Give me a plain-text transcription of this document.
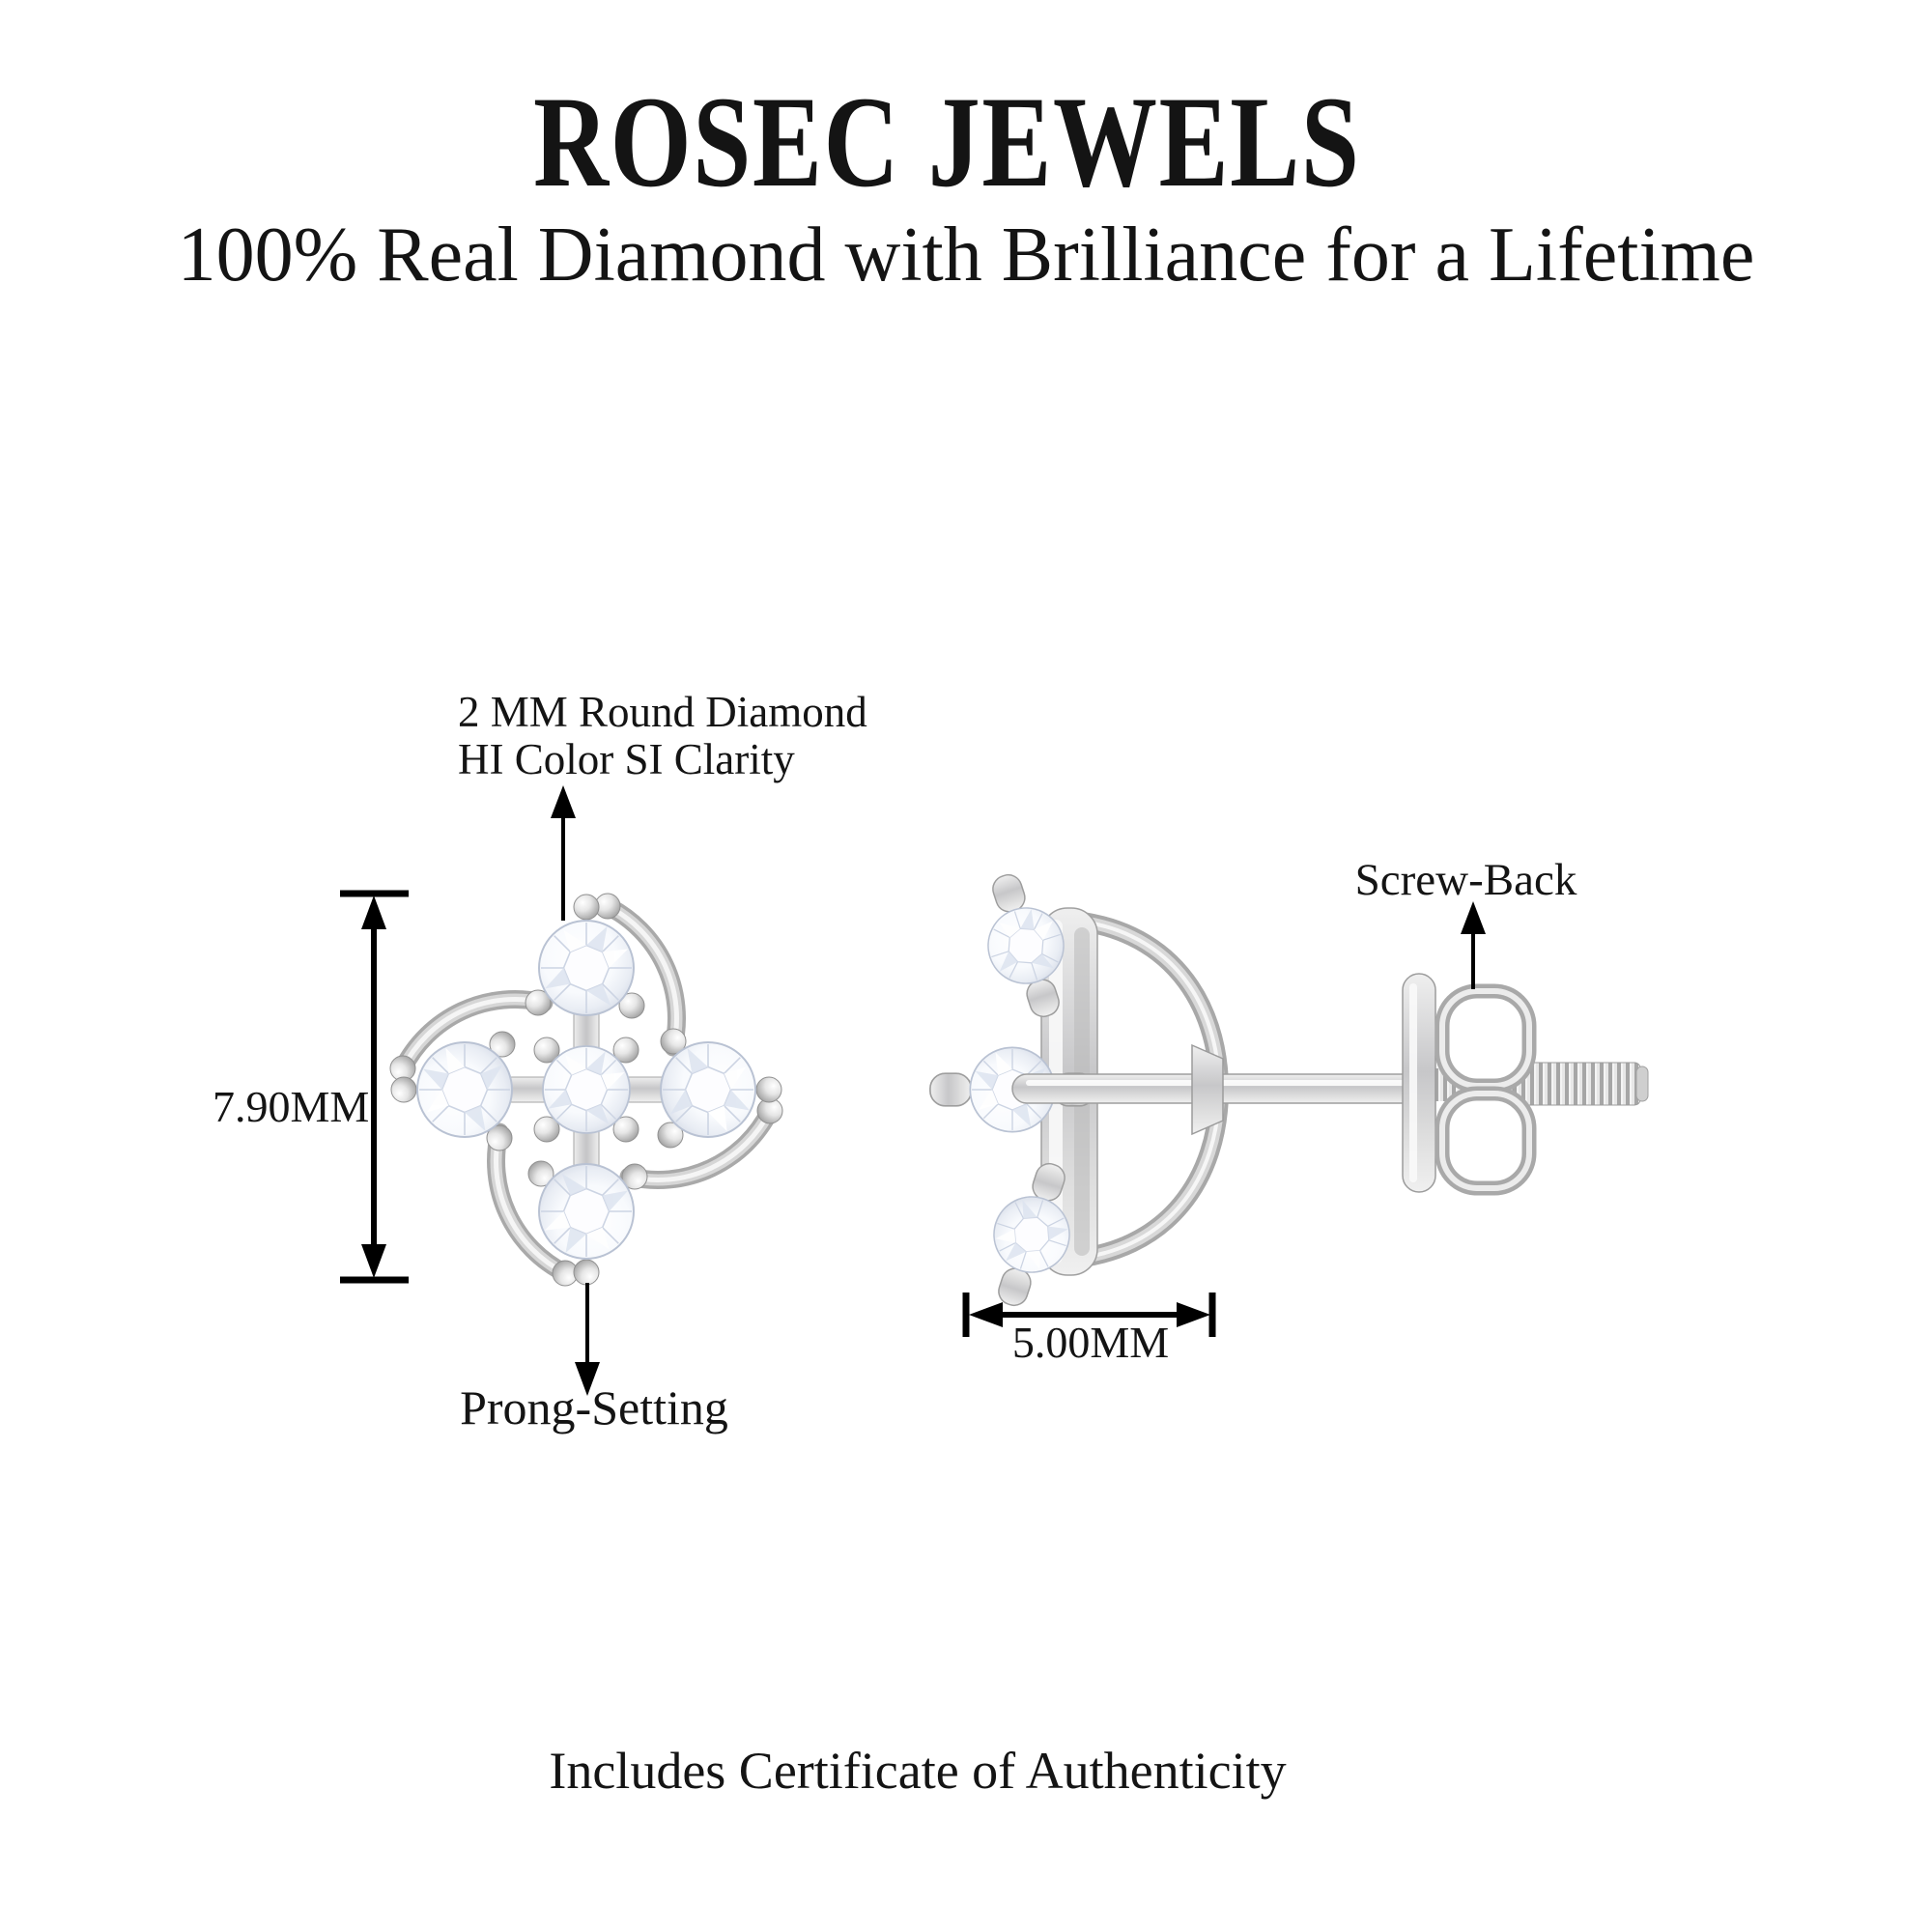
ROSEC JEWELS
100% Real Diamond with Brilliance for a Lifetime
2 MM Round Diamond
HI Color SI Clarity
7.90MM
Prong-Setting
Screw-Back
5.00MM
Includes Certificate of Authenticity
